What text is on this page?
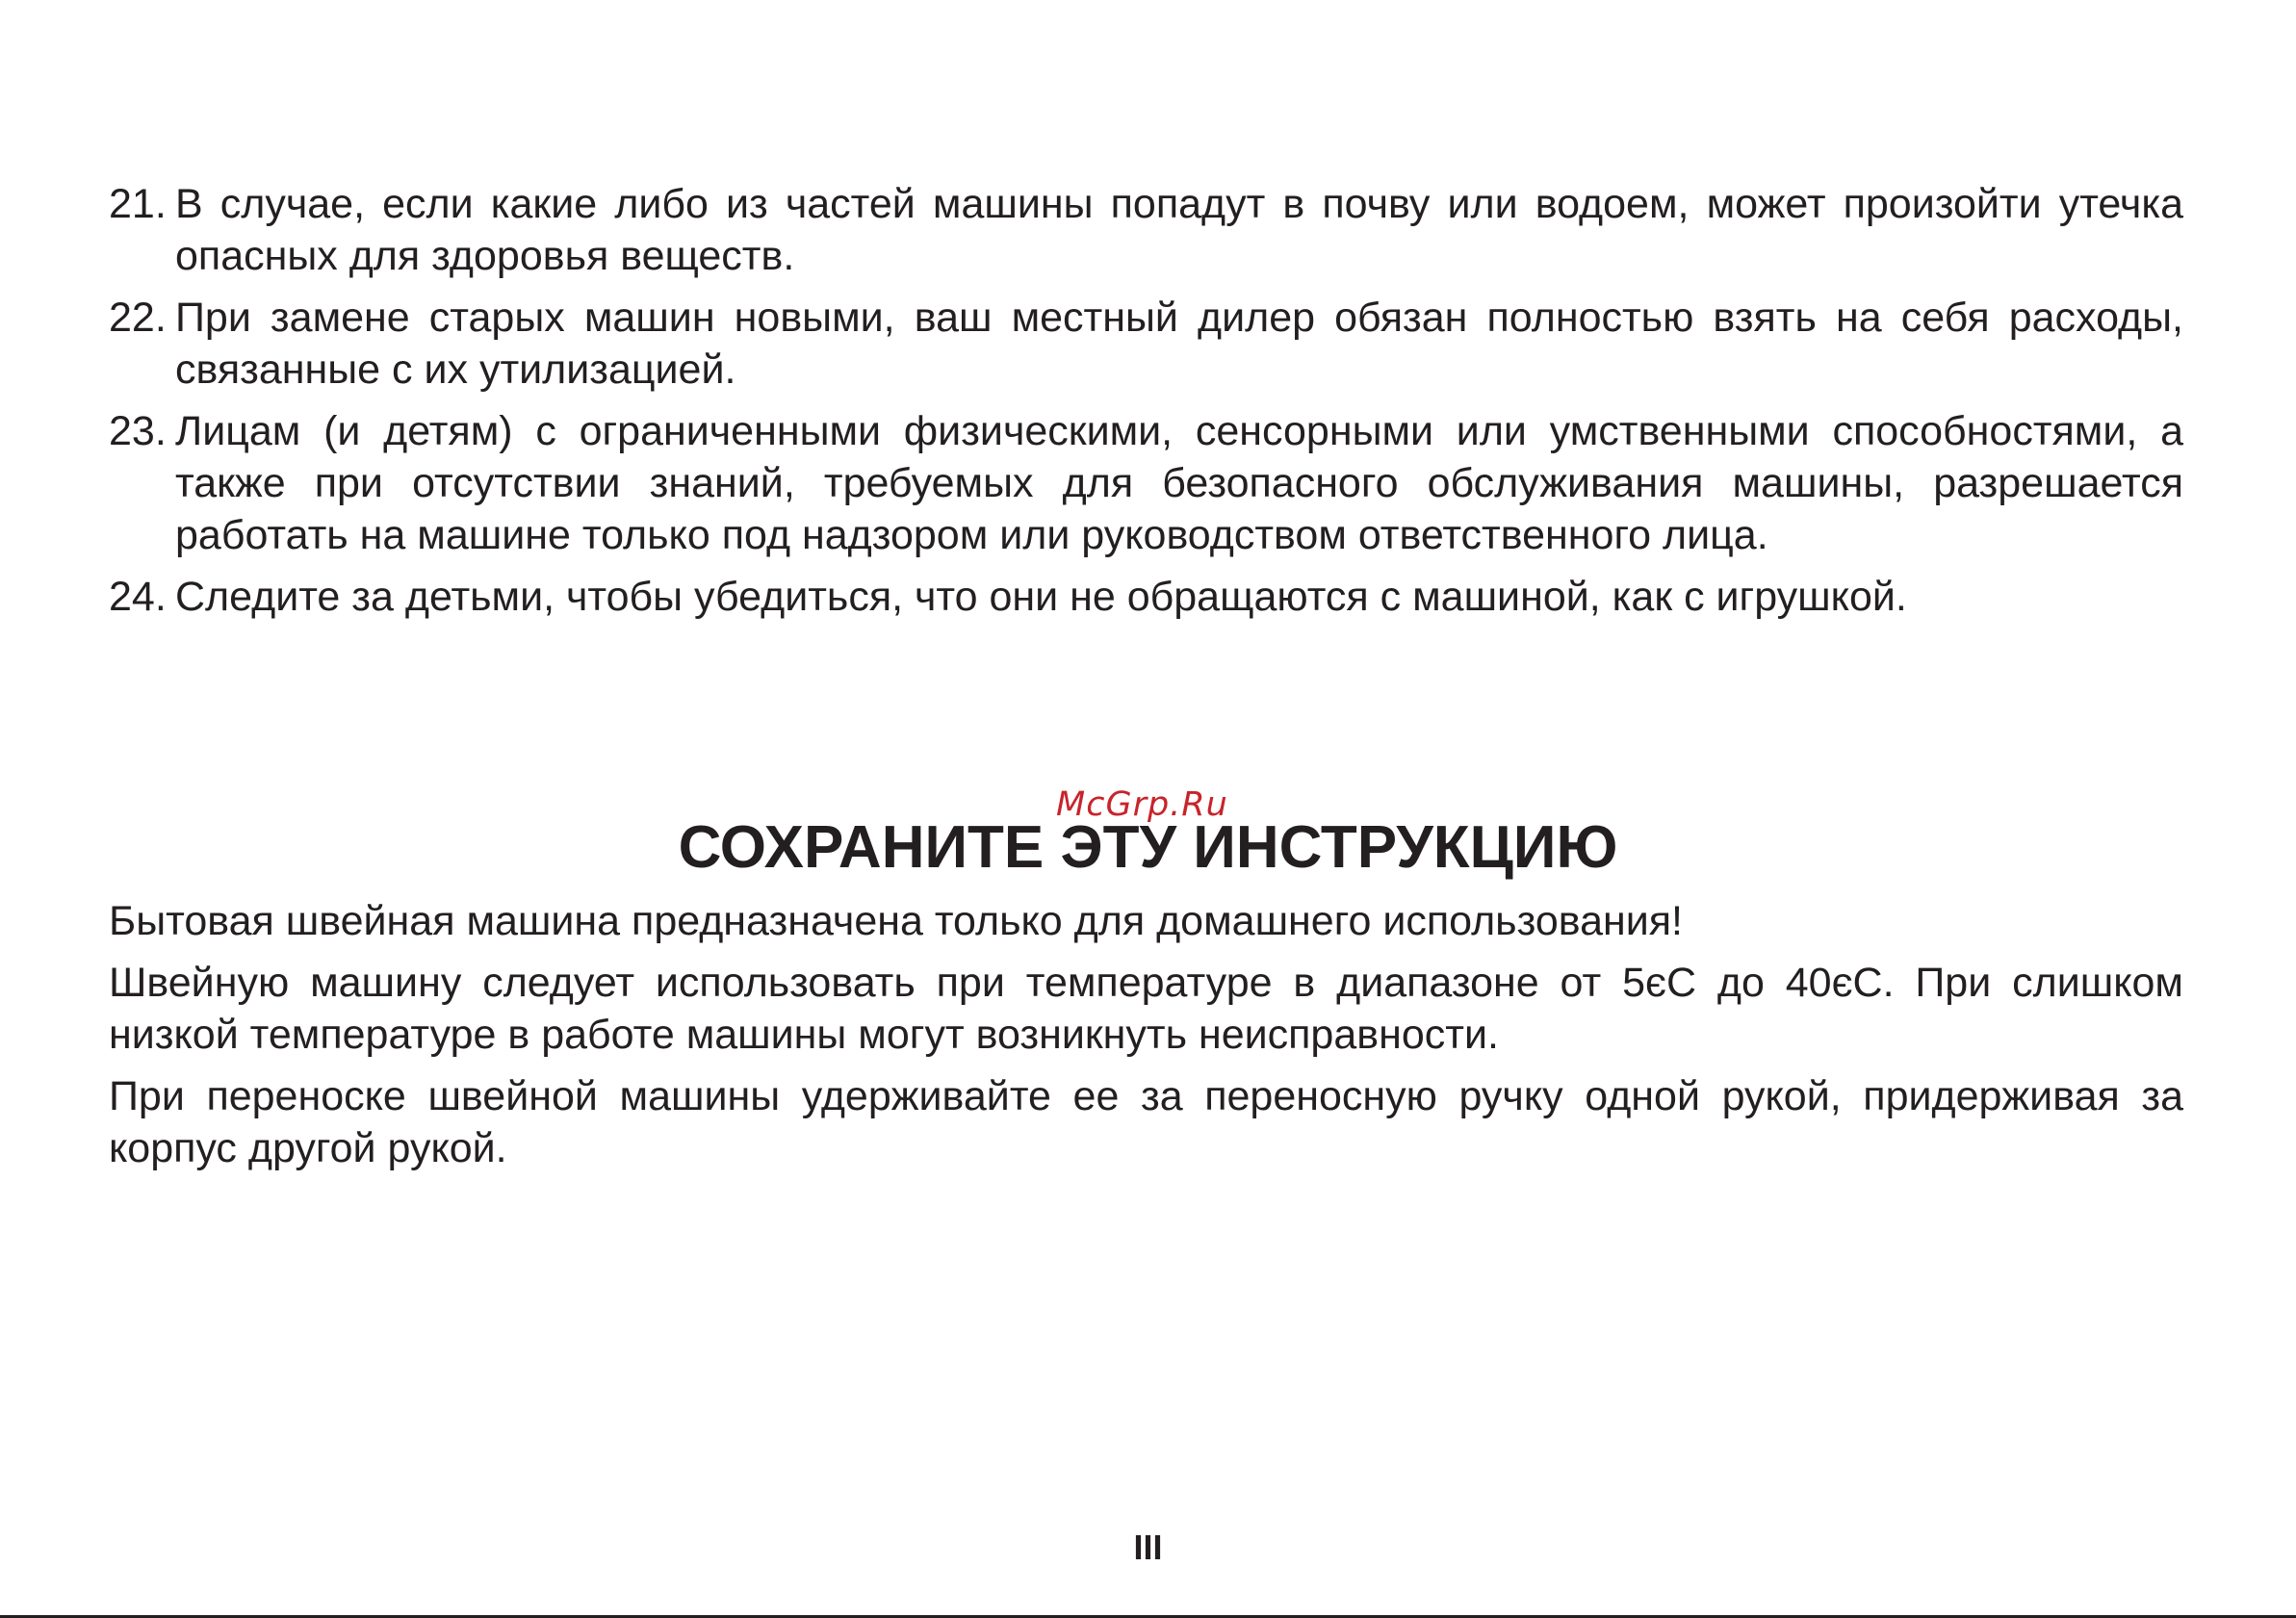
21. В случае, если какие либо из частей машины попадут в почву или водоем, может произойти утечка опасных для здоровья веществ.
22. При замене старых машин новыми, ваш местный дилер обязан полностью взять на себя расходы, связанные с их утилизацией.
23. Лицам (и детям) с ограниченными физическими, сенсорными или умственными способностями, а также при отсутствии знаний, требуемых для безопасного обслуживания машины, разрешается работать на машине только под надзором или руководством ответственного лица.
24. Следите за детьми, чтобы убедиться, что они не обращаются с машиной, как с игрушкой.
СОХРАНИТЕ ЭТУ ИНСТРУКЦИЮ
McGrp.Ru
Бытовая швейная машина предназначена только для домашнего использования!
Швейную машину следует использовать при температуре в диапазоне от 5єС до 40єС. При слишком низкой температуре в работе машины могут возникнуть неисправности.
При переноске швейной машины удерживайте ее за переносную ручку одной рукой, придерживая за корпус другой рукой.
III
